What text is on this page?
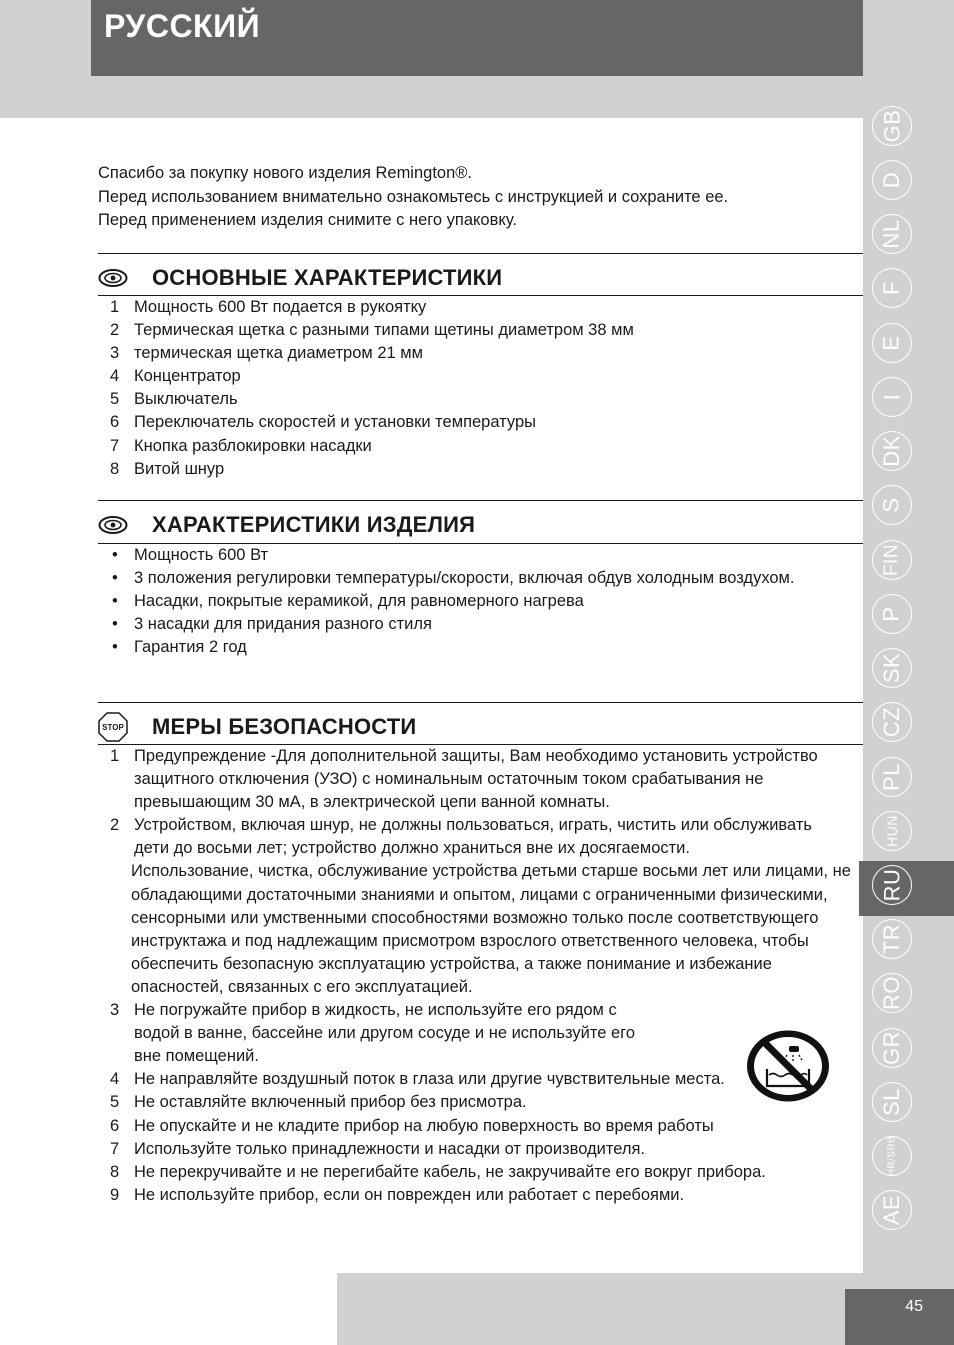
РУССКИЙ
Спасибо за покупку нового изделия Remington®.
Перед использованием внимательно ознакомьтесь с инструкцией и сохраните ее.
Перед применением изделия снимите с него упаковку.
ОСНОВНЫЕ ХАРАКТЕРИСТИКИ
1 Мощность 600 Вт подается в рукоятку
2 Термическая щетка с разными типами щетины диаметром 38 мм
3 термическая щетка диаметром 21 мм
4 Концентратор
5 Выключатель
6 Переключатель скоростей и установки температуры
7 Кнопка разблокировки насадки
8 Витой шнур
ХАРАКТЕРИСТИКИ ИЗДЕЛИЯ
• Мощность 600 Вт
• 3 положения регулировки температуры/скорости, включая обдув холодным воздухом.
• Насадки, покрытые керамикой, для равномерного нагрева
• 3 насадки для придания разного стиля
• Гарантия 2 год
STOP МЕРЫ БЕЗОПАСНОСТИ
1 Предупреждение -Для дополнительной защиты, Вам необходимо установить устройство защитного отключения (УЗО) с номинальным остаточным током срабатывания не превышающим 30 мА, в электрической цепи ванной комнаты.
2 Устройством, включая шнур, не должны пользоваться, играть, чистить или обслуживать дети до восьми лет; устройство должно храниться вне их досягаемости.
Использование, чистка, обслуживание устройства детьми старше восьми лет или лицами, не обладающими достаточными знаниями и опытом, лицами с ограниченными физическими, сенсорными или умственными способностями возможно только после соответствующего инструктажа и под надлежащим присмотром взрослого ответственного человека, чтобы обеспечить безопасную эксплуатацию устройства, а также понимание и избежание опасностей, связанных с его эксплуатацией.
3 Не погружайте прибор в жидкость, не используйте его рядом с водой в ванне, бассейне или другом сосуде и не используйте его вне помещений.
4 Не направляйте воздушный поток в глаза или другие чувствительные места.
5 Не оставляйте включенный прибор без присмотра.
6 Не опускайте и не кладите прибор на любую поверхность во время работы
7 Используйте только принадлежности и насадки от производителя.
8 Не перекручивайте и не перегибайте кабель, не закручивайте его вокруг прибора.
9 Не используйте прибор, если он поврежден или работает с перебоями.
GB
D
NL
F
E
I
DK
S
FIN
P
SK
CZ
PL
HUN
RU
TR
RO
GR
SL
HR/SRB
AE
45
